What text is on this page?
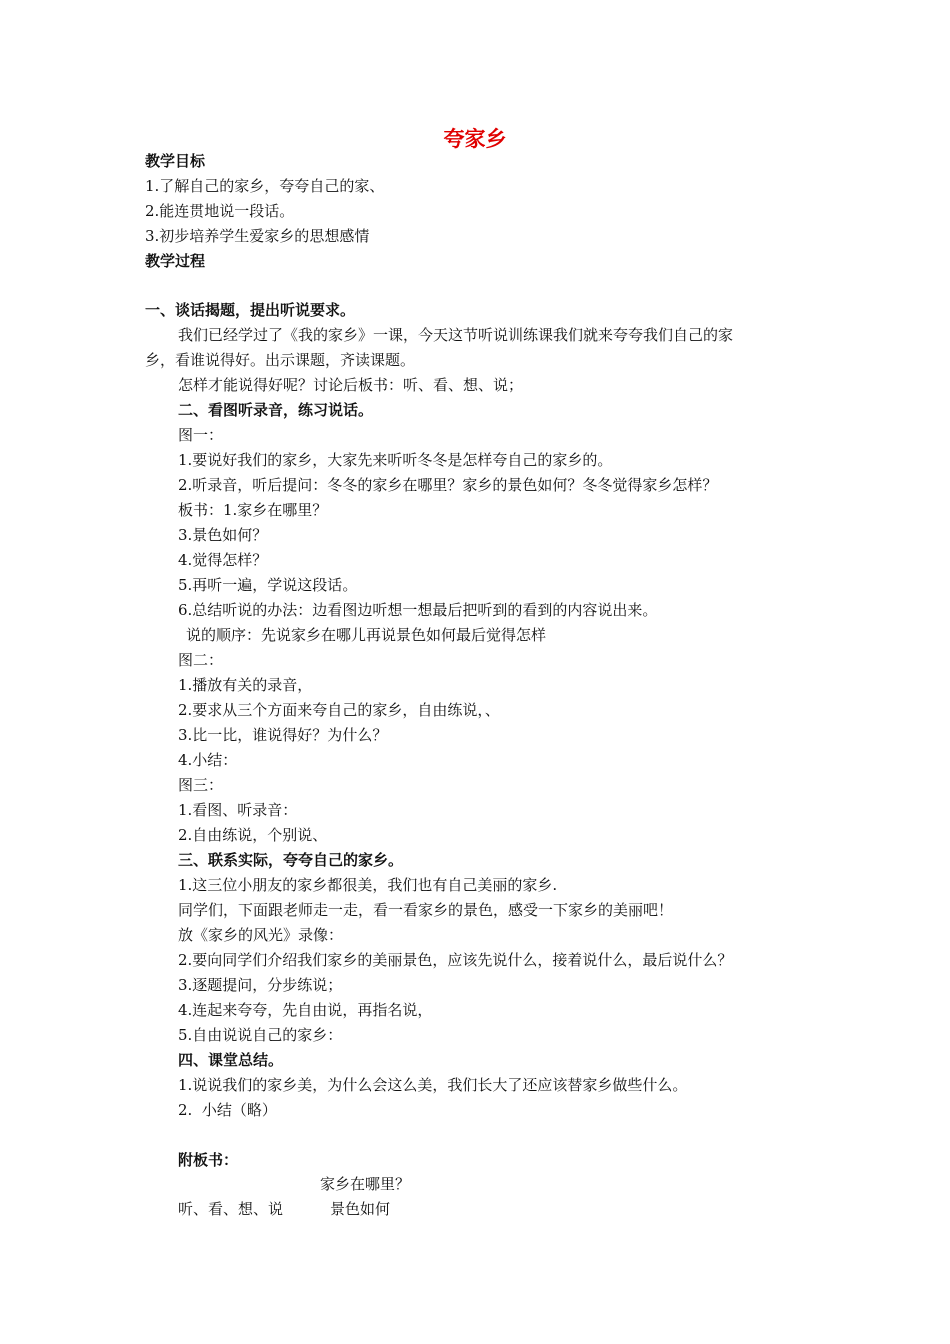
夸家乡
教学目标
1.了解自己的家乡，夸夸自己的家、
2.能连贯地说一段话。
3.初步培养学生爱家乡的思想感情
教学过程
一、谈话揭题，提出听说要求。
我们已经学过了《我的家乡》一课，今天这节听说训练课我们就来夸夸我们自己的家
乡，看谁说得好。出示课题，齐读课题。
怎样才能说得好呢？讨论后板书：听、看、想、说；
二、看图听录音，练习说话。
图一：
1.要说好我们的家乡，大家先来听听冬冬是怎样夸自己的家乡的。
2.听录音，听后提问：冬冬的家乡在哪里？家乡的景色如何？冬冬觉得家乡怎样？
板书：1.家乡在哪里？
3.景色如何？
4.觉得怎样？
5.再听一遍，学说这段话。
6.总结听说的办法：边看图边听想一想最后把听到的看到的内容说出来。
说的顺序：先说家乡在哪儿再说景色如何最后觉得怎样
图二：
1.播放有关的录音，
2.要求从三个方面来夸自己的家乡，自由练说，、
3.比一比，谁说得好？为什么？
4.小结：
图三：
1.看图、听录音：
2.自由练说，个别说、
三、联系实际，夸夸自己的家乡。
1.这三位小朋友的家乡都很美，我们也有自己美丽的家乡.
同学们，下面跟老师走一走，看一看家乡的景色，感受一下家乡的美丽吧！
放《家乡的风光》录像：
2.要向同学们介绍我们家乡的美丽景色，应该先说什么，接着说什么，最后说什么？
3.逐题提问，分步练说；
4.连起来夸夸，先自由说，再指名说，
5.自由说说自己的家乡：
四、课堂总结。
1.说说我们的家乡美，为什么会这么美，我们长大了还应该替家乡做些什么。
2.  小结（略）
附板书：
家乡在哪里？
听、看、想、说	景色如何
